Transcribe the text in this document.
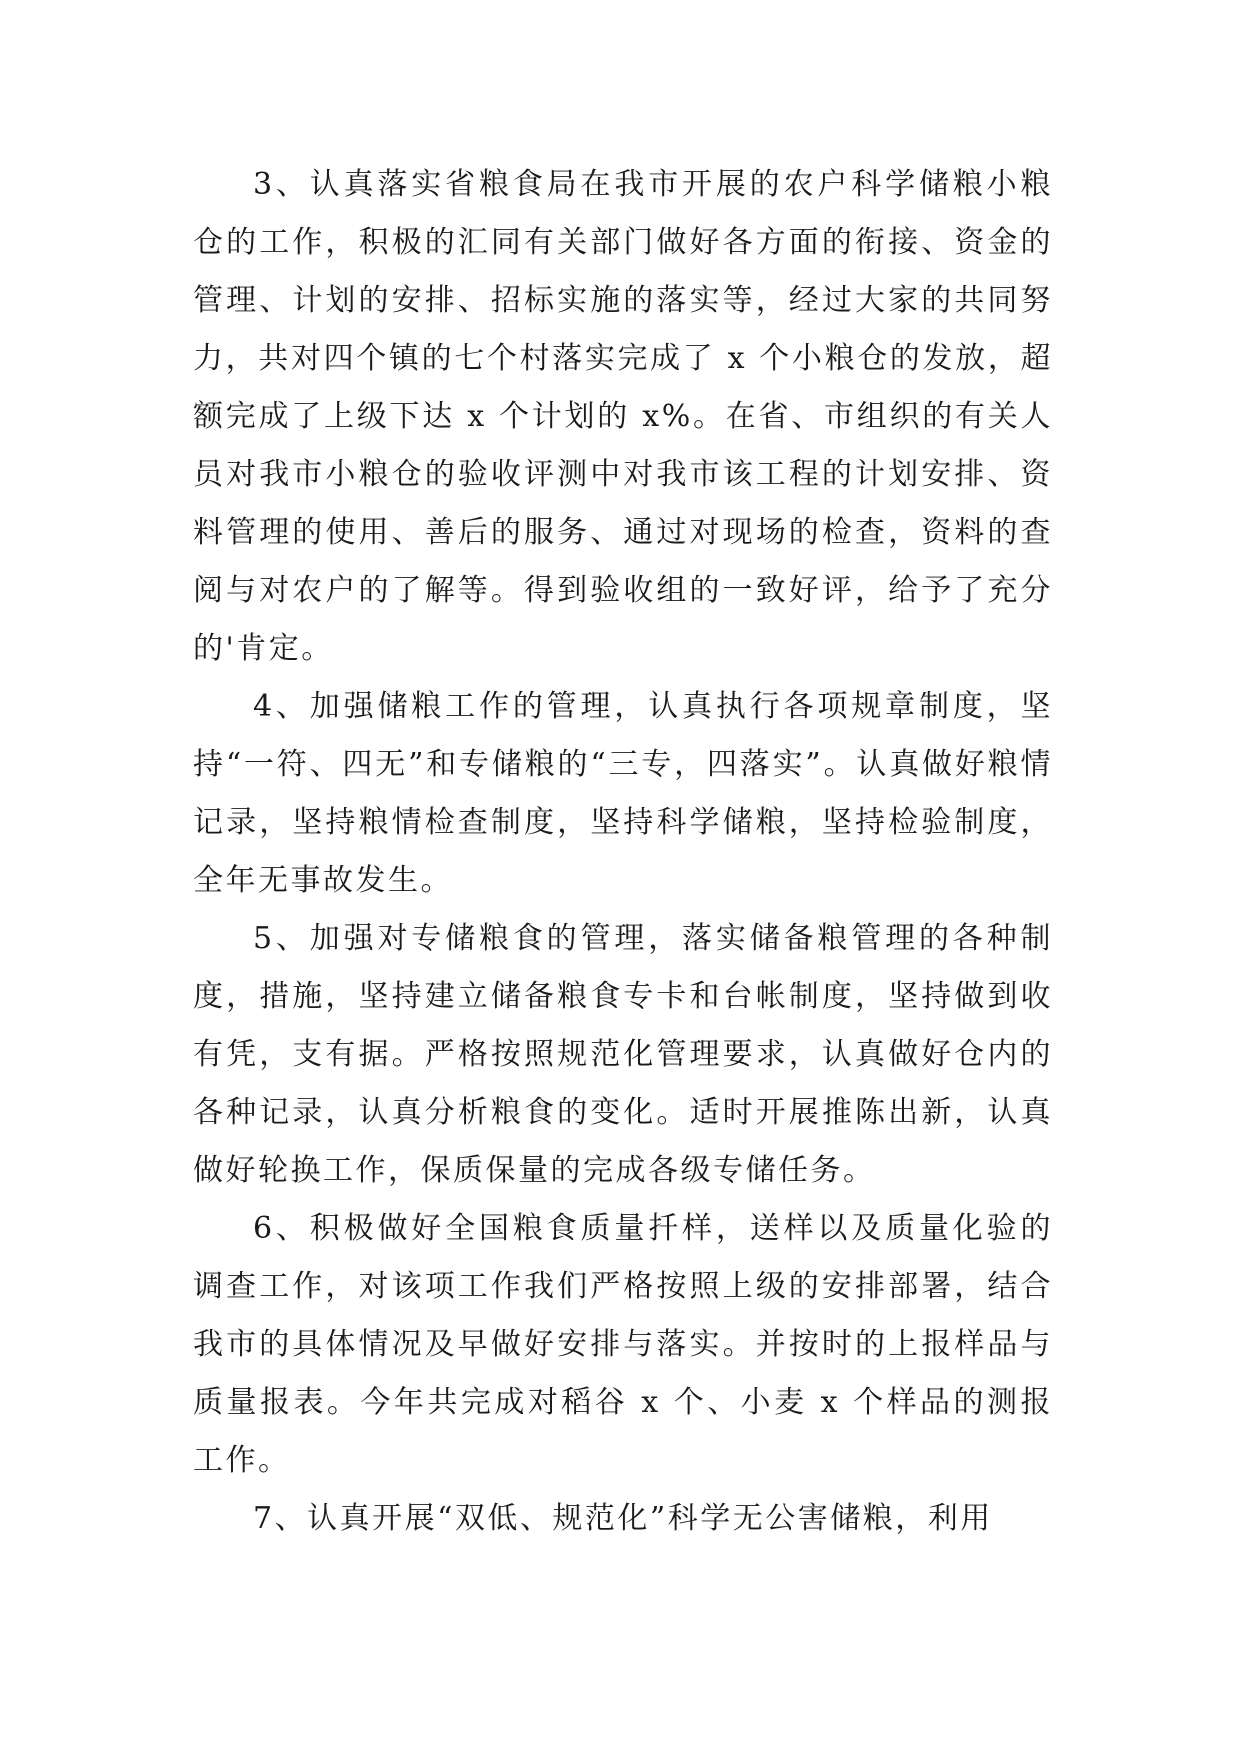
3、认真落实省粮食局在我市开展的农户科学储粮小粮仓的工作，积极的汇同有关部门做好各方面的衔接、资金的管理、计划的安排、招标实施的落实等，经过大家的共同努力，共对四个镇的七个村落实完成了 x 个小粮仓的发放，超额完成了上级下达 x 个计划的 x%。在省、市组织的有关人员对我市小粮仓的验收评测中对我市该工程的计划安排、资料管理的使用、善后的服务、通过对现场的检查，资料的查阅与对农户的了解等。得到验收组的一致好评，给予了充分的'肯定。

4、加强储粮工作的管理，认真执行各项规章制度，坚持“一符、四无”和专储粮的“三专，四落实”。认真做好粮情记录，坚持粮情检查制度，坚持科学储粮，坚持检验制度，全年无事故发生。

5、加强对专储粮食的管理，落实储备粮管理的各种制度，措施，坚持建立储备粮食专卡和台帐制度，坚持做到收有凭，支有据。严格按照规范化管理要求，认真做好仓内的各种记录，认真分析粮食的变化。适时开展推陈出新，认真做好轮换工作，保质保量的完成各级专储任务。

6、积极做好全国粮食质量扦样，送样以及质量化验的调查工作，对该项工作我们严格按照上级的安排部署，结合我市的具体情况及早做好安排与落实。并按时的上报样品与质量报表。今年共完成对稻谷 x 个、小麦 x 个样品的测报工作。

7、认真开展“双低、规范化”科学无公害储粮，利用
